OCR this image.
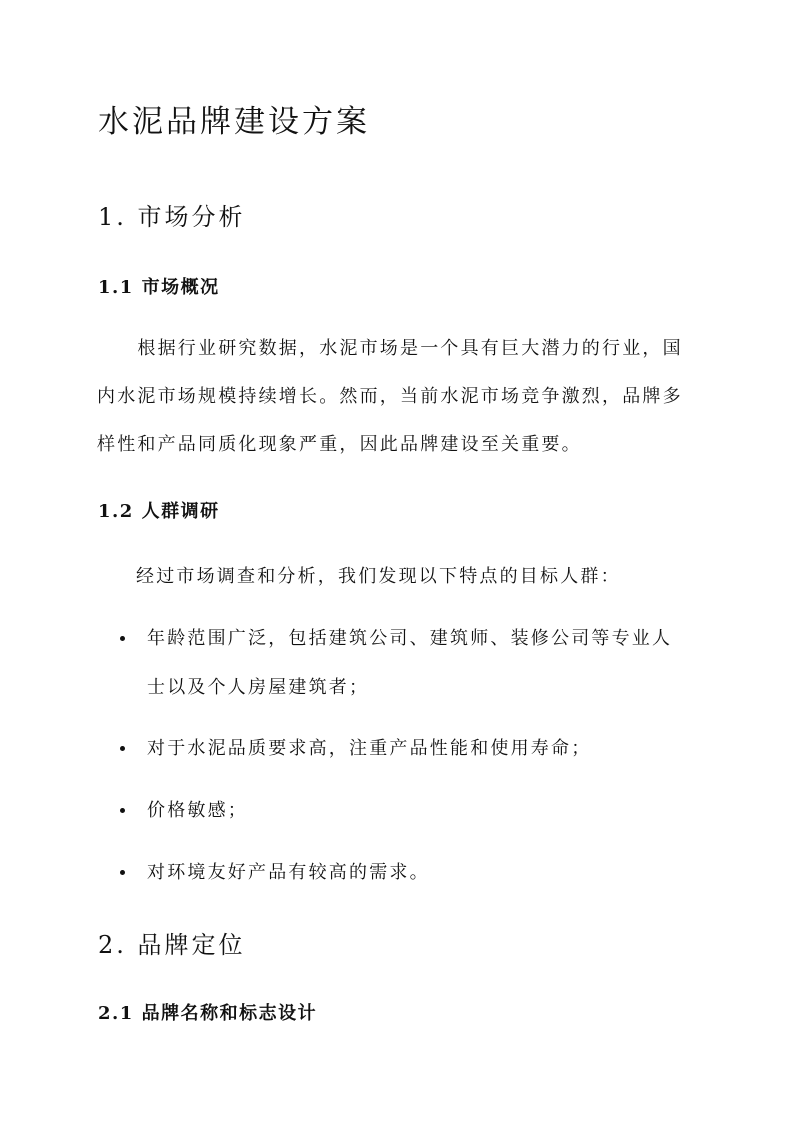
水泥品牌建设方案
1. 市场分析
1.1 市场概况
　　根据行业研究数据，水泥市场是一个具有巨大潜力的行业，国
内水泥市场规模持续增长。然而，当前水泥市场竞争激烈，品牌多
样性和产品同质化现象严重，因此品牌建设至关重要。
1.2 人群调研
经过市场调查和分析，我们发现以下特点的目标人群：
年龄范围广泛，包括建筑公司、建筑师、装修公司等专业人
士以及个人房屋建筑者；
对于水泥品质要求高，注重产品性能和使用寿命；
价格敏感；
对环境友好产品有较高的需求。
2. 品牌定位
2.1 品牌名称和标志设计
